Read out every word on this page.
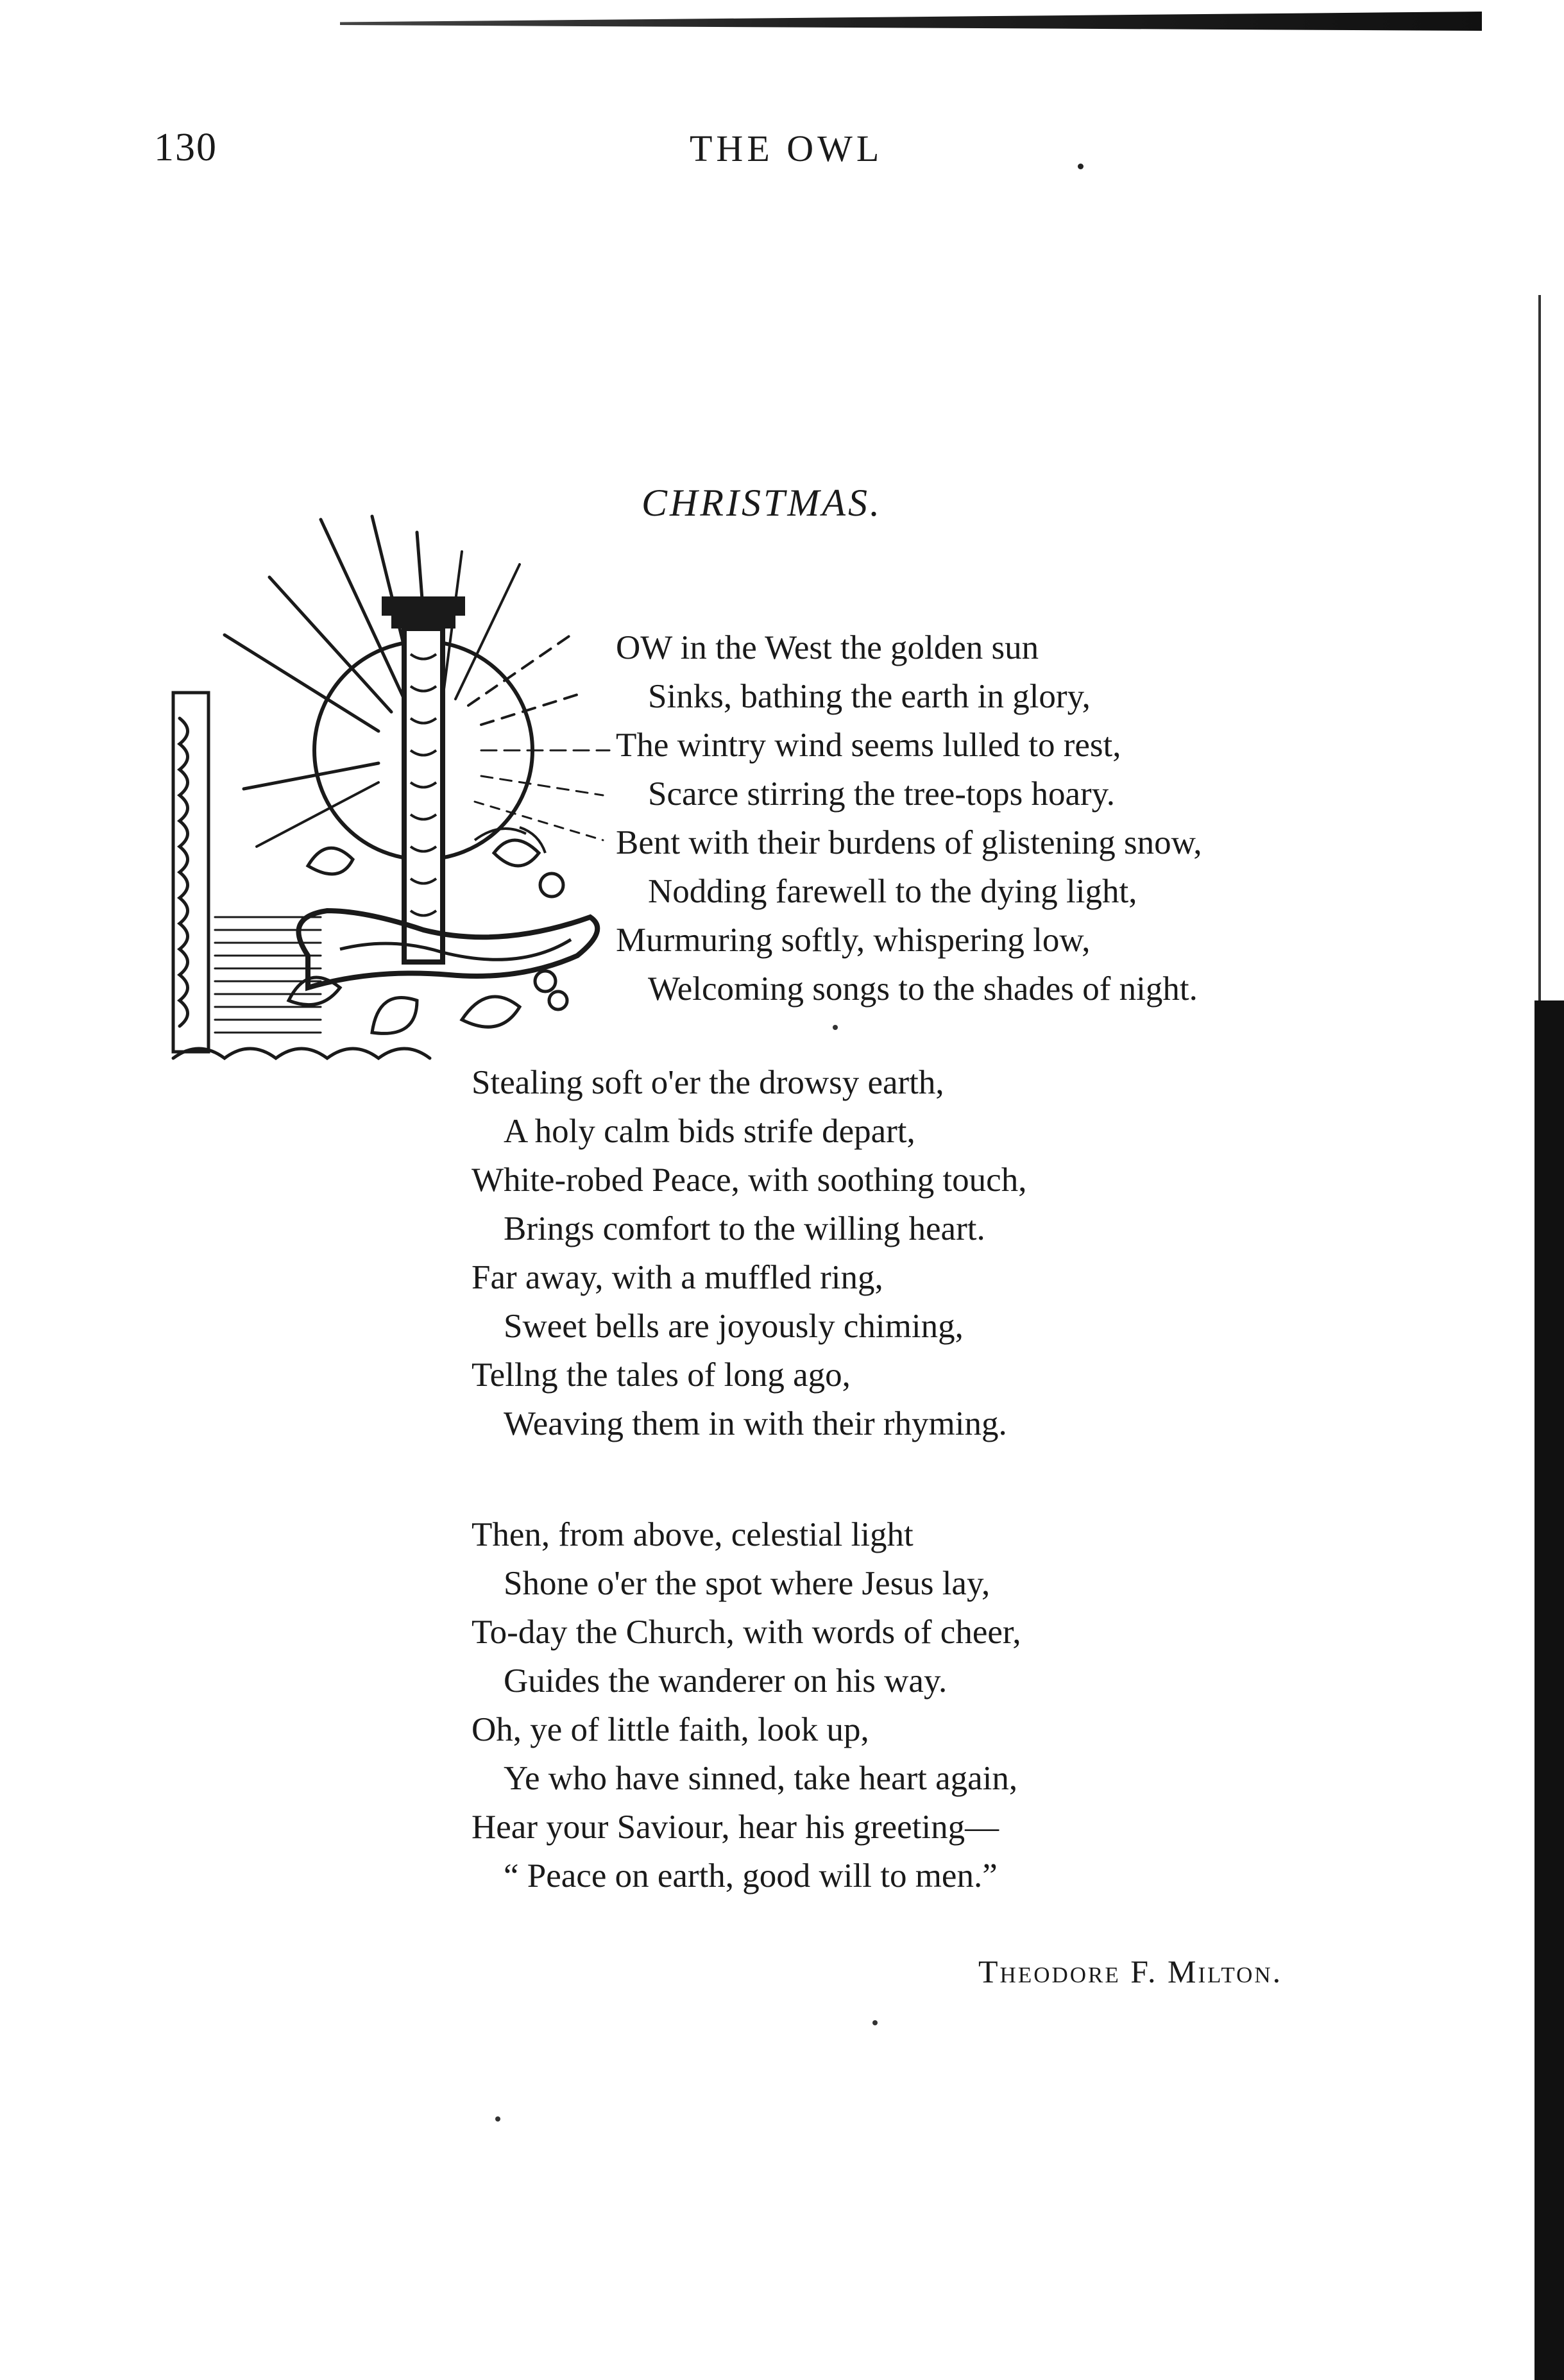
130	THE OWL
CHRISTMAS.
OW in the West the golden sun
Sinks, bathing the earth in glory,
The wintry wind seems lulled to rest,
Scarce stirring the tree-tops hoary.
Bent with their burdens of glistening snow,
Nodding farewell to the dying light,
Murmuring softly, whispering low,
Welcoming songs to the shades of night.
Stealing soft o'er the drowsy earth,
A holy calm bids strife depart,
White-robed Peace, with soothing touch,
Brings comfort to the willing heart.
Far away, with a muffled ring,
Sweet bells are joyously chiming,
Tellng the tales of long ago,
Weaving them in with their rhyming.
Then, from above, celestial light
Shone o'er the spot where Jesus lay,
To-day the Church, with words of cheer,
Guides the wanderer on his way.
Oh, ye of little faith, look up,
Ye who have sinned, take heart again,
Hear your Saviour, hear his greeting—
“ Peace on earth, good will to men.”
Theodore F. Milton.
